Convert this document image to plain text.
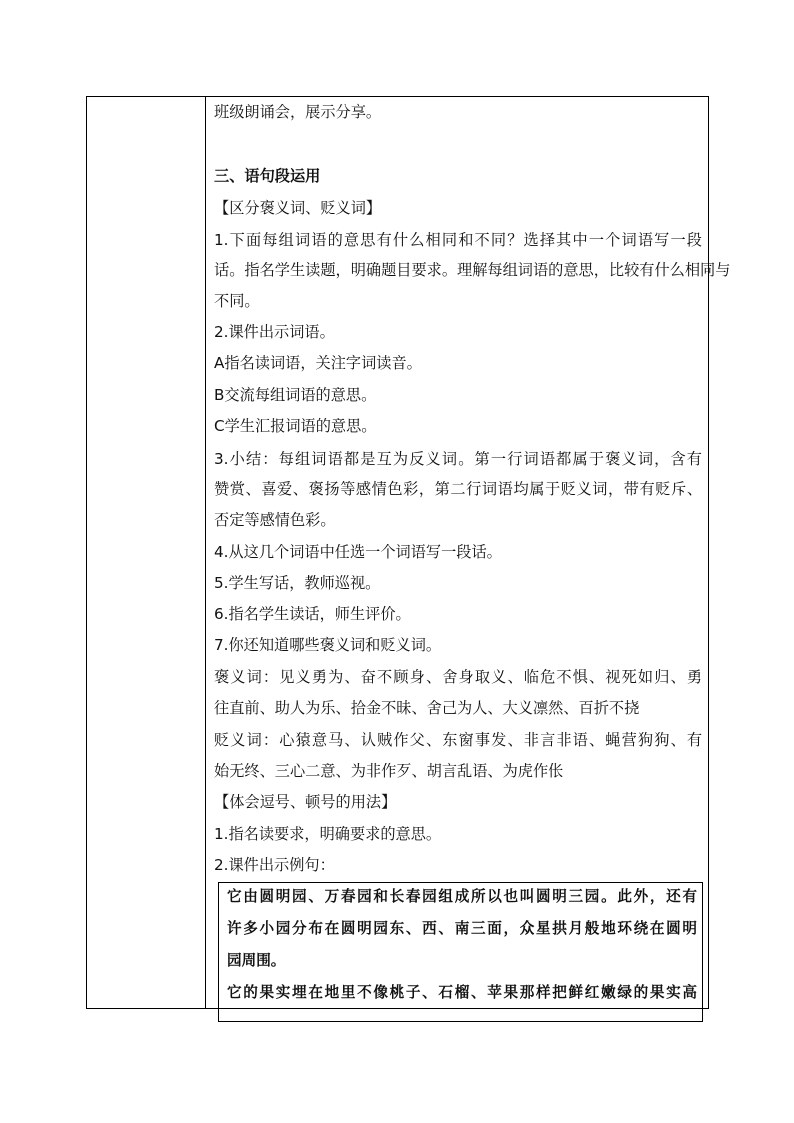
班级朗诵会，展示分享。
三、语句段运用
【区分褒义词、贬义词】
1.下面每组词语的意思有什么相同和不同？选择其中一个词语写一段
话。指名学生读题，明确题目要求。理解每组词语的意思，比较有什么相同与
不同。
2.课件出示词语。
A指名读词语，关注字词读音。
B交流每组词语的意思。
C学生汇报词语的意思。
3.小结：每组词语都是互为反义词。第一行词语都属于褒义词，含有
赞赏、喜爱、褒扬等感情色彩，第二行词语均属于贬义词，带有贬斥、
否定等感情色彩。
4.从这几个词语中任选一个词语写一段话。
5.学生写话，教师巡视。
6.指名学生读话，师生评价。
7.你还知道哪些褒义词和贬义词。
褒义词：见义勇为、奋不顾身、舍身取义、临危不惧、视死如归、勇
往直前、助人为乐、拾金不昧、舍己为人、大义凛然、百折不挠
贬义词：心猿意马、认贼作父、东窗事发、非言非语、蝇营狗狗、有
始无终、三心二意、为非作歹、胡言乱语、为虎作伥
【体会逗号、顿号的用法】
1.指名读要求，明确要求的意思。
2.课件出示例句：
它由圆明园、万春园和长春园组成所以也叫圆明三园。此外，还有
许多小园分布在圆明园东、西、南三面，众星拱月般地环绕在圆明
园周围。
它的果实埋在地里不像桃子、石榴、苹果那样把鲜红嫩绿的果实高
